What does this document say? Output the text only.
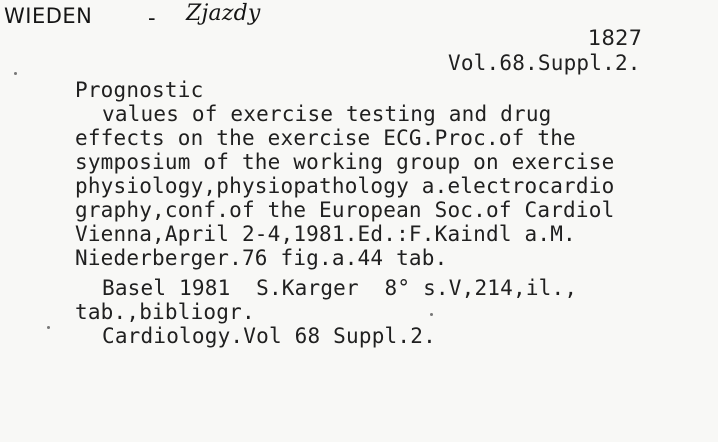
WIEDEN	- Zjazdy
1827
Vol.68.Suppl.2.
Prognostic
values of exercise testing and drug
effects on the exercise ECG.Proc.of the
symposium of the working group on exercise
physiology,physiopathology a.electrocardio
graphy,conf.of the European Soc.of Cardiol
Vienna,April 2-4,1981.Ed.:F.Kaindl a.M.
Niederberger.76 fig.a.44 tab.
Basel 1981  S.Karger  8° s.V,214,il.,
tab.,bibliogr.
Cardiology.Vol 68 Suppl.2.
